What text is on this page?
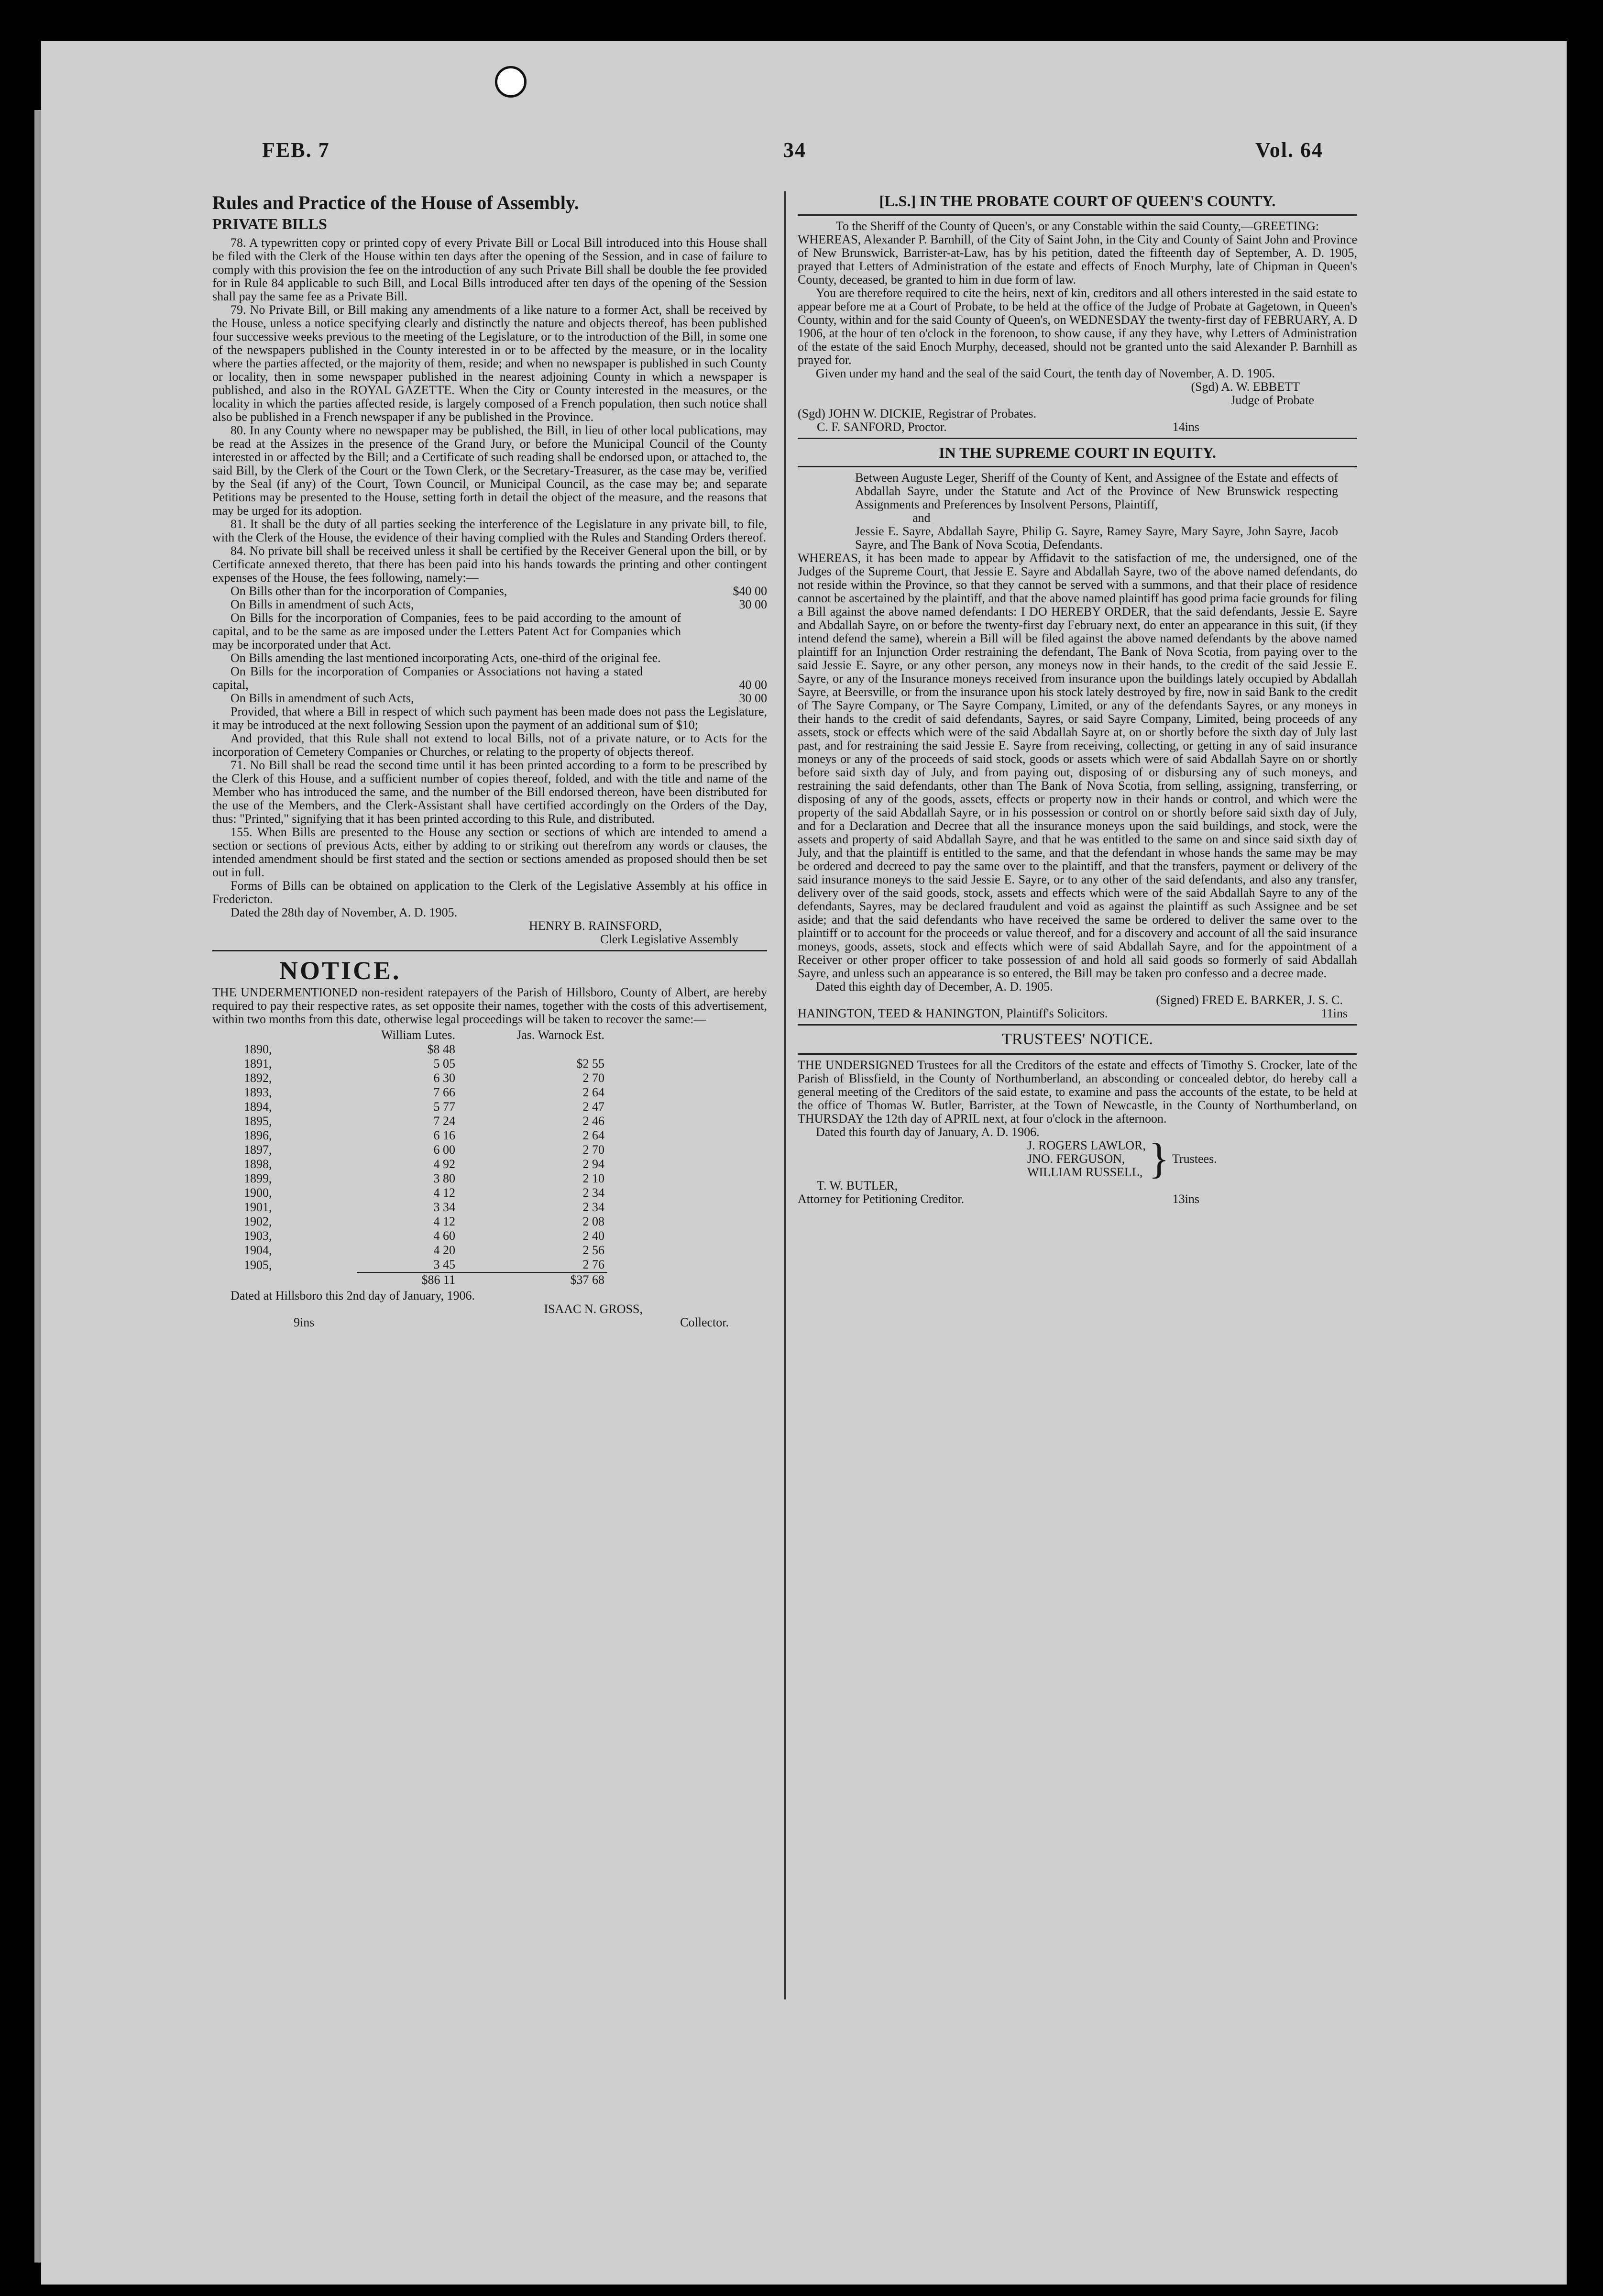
FEB. 7	34	Vol. 64

Rules and Practice of the House of Assembly.

PRIVATE BILLS

78. A typewritten copy or printed copy of every Private Bill or Local Bill introduced into this House shall be filed with the Clerk of the House within ten days after the opening of the Session, and in case of failure to comply with this provision the fee on the introduction of any such Private Bill shall be double the fee provided for in Rule 84 applicable to such Bill, and Local Bills introduced after ten days of the opening of the Session shall pay the same fee as a Private Bill.

79. No Private Bill, or Bill making any amendments of a like nature to a former Act, shall be received by the House, unless a notice specifying clearly and distinctly the nature and objects thereof, has been published four successive weeks previous to the meeting of the Legislature, or to the introduction of the Bill, in some one of the newspapers published in the County interested in or to be affected by the measure, or in the locality where the parties affected, or the majority of them, reside; and when no newspaper is published in such County or locality, then in some newspaper published in the nearest adjoining County in which a newspaper is published, and also in the ROYAL GAZETTE. When the City or County interested in the measures, or the locality in which the parties affected reside, is largely composed of a French population, then such notice shall also be published in a French newspaper if any be published in the Province.

80. In any County where no newspaper may be published, the Bill, in lieu of other local publications, may be read at the Assizes in the presence of the Grand Jury, or before the Municipal Council of the County interested in or affected by the Bill; and a Certificate of such reading shall be endorsed upon, or attached to, the said Bill, by the Clerk of the Court or the Town Clerk, or the Secretary-Treasurer, as the case may be, verified by the Seal (if any) of the Court, Town Council, or Municipal Council, as the case may be; and separate Petitions may be presented to the House, setting forth in detail the object of the measure, and the reasons that may be urged for its adoption.

81. It shall be the duty of all parties seeking the interference of the Legislature in any private bill, to file, with the Clerk of the House, the evidence of their having complied with the Rules and Standing Orders thereof.

84. No private bill shall be received unless it shall be certified by the Receiver General upon the bill, or by Certificate annexed thereto, that there has been paid into his hands towards the printing and other contingent expenses of the House, the fees following, namely:—

On Bills other than for the incorporation of Companies,	$40 00
On Bills in amendment of such Acts,	30 00

On Bills for the incorporation of Companies, fees to be paid according to the amount of capital, and to be the same as are imposed under the Letters Patent Act for Companies which may be incorporated under that Act.

On Bills amending the last mentioned incorporating Acts, one-third of the original fee.

On Bills for the incorporation of Companies or Associations not having a stated capital,	40 00
On Bills in amendment of such Acts,	30 00

Provided, that where a Bill in respect of which such payment has been made does not pass the Legislature, it may be introduced at the next following Session upon the payment of an additional sum of $10;

And provided, that this Rule shall not extend to local Bills, not of a private nature, or to Acts for the incorporation of Cemetery Companies or Churches, or relating to the property of objects thereof.

71. No Bill shall be read the second time until it has been printed according to a form to be prescribed by the Clerk of this House, and a sufficient number of copies thereof, folded, and with the title and name of the Member who has introduced the same, and the number of the Bill endorsed thereon, have been distributed for the use of the Members, and the Clerk-Assistant shall have certified accordingly on the Orders of the Day, thus: "Printed," signifying that it has been printed according to this Rule, and distributed.

155. When Bills are presented to the House any section or sections of which are intended to amend a section or sections of previous Acts, either by adding to or striking out therefrom any words or clauses, the intended amendment should be first stated and the section or sections amended as proposed should then be set out in full.

Forms of Bills can be obtained on application to the Clerk of the Legislative Assembly at his office in Fredericton.

Dated the 28th day of November, A. D. 1905.

HENRY B. RAINSFORD,

Clerk Legislative Assembly

NOTICE.

THE UNDERMENTIONED non-resident ratepayers of the Parish of Hillsboro, County of Albert, are hereby required to pay their respective rates, as set opposite their names, together with the costs of this advertisement, within two months from this date, otherwise legal proceedings will be taken to recover the same:—

	William Lutes.	Jas. Warnock Est.
1890,	$8 48	
1891,	5 05	$2 55
1892,	6 30	2 70
1893,	7 66	2 64
1894,	5 77	2 47
1895,	7 24	2 46
1896,	6 16	2 64
1897,	6 00	2 70
1898,	4 92	2 94
1899,	3 80	2 10
1900,	4 12	2 34
1901,	3 34	2 34
1902,	4 12	2 08
1903,	4 60	2 40
1904,	4 20	2 56
1905,	3 45	2 76
	$86 11	$37 68

Dated at Hillsboro this 2nd day of January, 1906.

ISAAC N. GROSS,

9ins	Collector.

[L.S.] IN THE PROBATE COURT OF QUEEN'S COUNTY.

To the Sheriff of the County of Queen's, or any Constable within the said County,—GREETING:

WHEREAS, Alexander P. Barnhill, of the City of Saint John, in the City and County of Saint John and Province of New Brunswick, Barrister-at-Law, has by his petition, dated the fifteenth day of September, A. D. 1905, prayed that Letters of Administration of the estate and effects of Enoch Murphy, late of Chipman in Queen's County, deceased, be granted to him in due form of law.

You are therefore required to cite the heirs, next of kin, creditors and all others interested in the said estate to appear before me at a Court of Probate, to be held at the office of the Judge of Probate at Gagetown, in Queen's County, within and for the said County of Queen's, on WEDNESDAY the twenty-first day of FEBRUARY, A. D 1906, at the hour of ten o'clock in the forenoon, to show cause, if any they have, why Letters of Administration of the estate of the said Enoch Murphy, deceased, should not be granted unto the said Alexander P. Barnhill as prayed for.

Given under my hand and the seal of the said Court, the tenth day of November, A. D. 1905.

(Sgd) A. W. EBBETT

Judge of Probate

(Sgd) JOHN W. DICKIE, Registrar of Probates.

C. F. SANFORD, Proctor.	14ins

IN THE SUPREME COURT IN EQUITY.

Between Auguste Leger, Sheriff of the County of Kent, and Assignee of the Estate and effects of Abdallah Sayre, under the Statute and Act of the Province of New Brunswick respecting Assignments and Preferences by Insolvent Persons, Plaintiff,

and

Jessie E. Sayre, Abdallah Sayre, Philip G. Sayre, Ramey Sayre, Mary Sayre, John Sayre, Jacob Sayre, and The Bank of Nova Scotia, Defendants.

WHEREAS, it has been made to appear by Affidavit to the satisfaction of me, the undersigned, one of the Judges of the Supreme Court, that Jessie E. Sayre and Abdallah Sayre, two of the above named defendants, do not reside within the Province, so that they cannot be served with a summons, and that their place of residence cannot be ascertained by the plaintiff, and that the above named plaintiff has good prima facie grounds for filing a Bill against the above named defendants: I DO HEREBY ORDER, that the said defendants, Jessie E. Sayre and Abdallah Sayre, on or before the twenty-first day February next, do enter an appearance in this suit, (if they intend defend the same), wherein a Bill will be filed against the above named defendants by the above named plaintiff for an Injunction Order restraining the defendant, The Bank of Nova Scotia, from paying over to the said Jessie E. Sayre, or any other person, any moneys now in their hands, to the credit of the said Jessie E. Sayre, or any of the Insurance moneys received from insurance upon the buildings lately occupied by Abdallah Sayre, at Beersville, or from the insurance upon his stock lately destroyed by fire, now in said Bank to the credit of The Sayre Company, or The Sayre Company, Limited, or any of the defendants Sayres, or any moneys in their hands to the credit of said defendants, Sayres, or said Sayre Company, Limited, being proceeds of any assets, stock or effects which were of the said Abdallah Sayre at, on or shortly before the sixth day of July last past, and for restraining the said Jessie E. Sayre from receiving, collecting, or getting in any of said insurance moneys or any of the proceeds of said stock, goods or assets which were of said Abdallah Sayre on or shortly before said sixth day of July, and from paying out, disposing of or disbursing any of such moneys, and restraining the said defendants, other than The Bank of Nova Scotia, from selling, assigning, transferring, or disposing of any of the goods, assets, effects or property now in their hands or control, and which were the property of the said Abdallah Sayre, or in his possession or control on or shortly before said sixth day of July, and for a Declaration and Decree that all the insurance moneys upon the said buildings, and stock, were the assets and property of said Abdallah Sayre, and that he was entitled to the same on and since said sixth day of July, and that the plaintiff is entitled to the same, and that the defendant in whose hands the same may be may be ordered and decreed to pay the same over to the plaintiff, and that the transfers, payment or delivery of the said insurance moneys to the said Jessie E. Sayre, or to any other of the said defendants, and also any transfer, delivery over of the said goods, stock, assets and effects which were of the said Abdallah Sayre to any of the defendants, Sayres, may be declared fraudulent and void as against the plaintiff as such Assignee and be set aside; and that the said defendants who have received the same be ordered to deliver the same over to the plaintiff or to account for the proceeds or value thereof, and for a discovery and account of all the said insurance moneys, goods, assets, stock and effects which were of said Abdallah Sayre, and for the appointment of a Receiver or other proper officer to take possession of and hold all said goods so formerly of said Abdallah Sayre, and unless such an appearance is so entered, the Bill may be taken pro confesso and a decree made.

Dated this eighth day of December, A. D. 1905.

(Signed) FRED E. BARKER, J. S. C.

HANINGTON, TEED & HANINGTON, Plaintiff's Solicitors.	11ins

TRUSTEES' NOTICE.

THE UNDERSIGNED Trustees for all the Creditors of the estate and effects of Timothy S. Crocker, late of the Parish of Blissfield, in the County of Northumberland, an absconding or concealed debtor, do hereby call a general meeting of the Creditors of the said estate, to examine and pass the accounts of the estate, to be held at the office of Thomas W. Butler, Barrister, at the Town of Newcastle, in the County of Northumberland, on THURSDAY the 12th day of APRIL next, at four o'clock in the afternoon.

Dated this fourth day of January, A. D. 1906.

J. ROGERS LAWLOR,

JNO. FERGUSON,

WILLIAM RUSSELL, } Trustees.

T. W. BUTLER,

Attorney for Petitioning Creditor.	13ins
